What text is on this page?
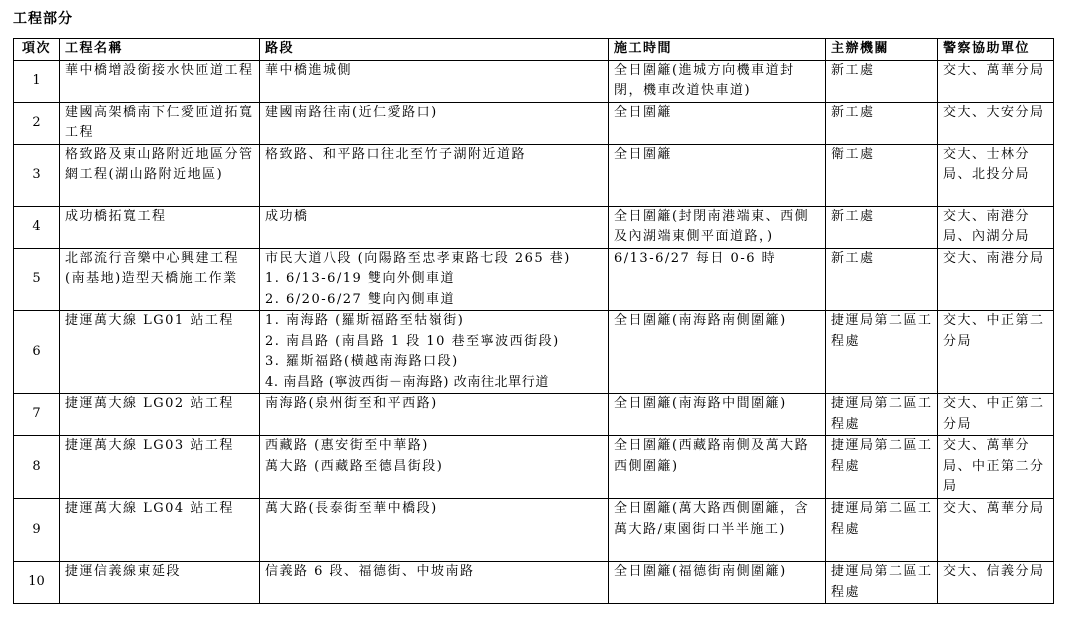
工程部分
項次	工程名稱	路段	施工時間	主辦機關	警察協助單位
1	華中橋增設銜接水快匝道工程	華中橋進城側	全日圍籬(進城方向機車道封閉，機車改道快車道)	新工處	交大、萬華分局
2	建國高架橋南下仁愛匝道拓寬工程	建國南路往南(近仁愛路口)	全日圍籬	新工處	交大、大安分局
3	格致路及東山路附近地區分管網工程(湖山路附近地區)	格致路、和平路口往北至竹子湖附近道路	全日圍籬	衛工處	交大、士林分局、北投分局
4	成功橋拓寬工程	成功橋	全日圍籬(封閉南港端東、西側及內湖端東側平面道路，)	新工處	交大、南港分局、內湖分局
5	北部流行音樂中心興建工程(南基地)造型天橋施工作業	市民大道八段 (向陽路至忠孝東路七段 265 巷)
1. 6/13-6/19 雙向外側車道
2. 6/20-6/27 雙向內側車道	6/13-6/27 每日 0-6 時	新工處	交大、南港分局
6	捷運萬大線 LG01 站工程	1. 南海路 (羅斯福路至牯嶺街)
2. 南昌路 (南昌路 1 段 10 巷至寧波西街段)
3. 羅斯福路(橫越南海路口段)
4. 南昌路 (寧波西街－南海路) 改南往北單行道	全日圍籬(南海路南側圍籬)	捷運局第二區工程處	交大、中正第二分局
7	捷運萬大線 LG02 站工程	南海路(泉州街至和平西路)	全日圍籬(南海路中間圍籬)	捷運局第二區工程處	交大、中正第二分局
8	捷運萬大線 LG03 站工程	西藏路 (惠安街至中華路)
萬大路 (西藏路至德昌街段)	全日圍籬(西藏路南側及萬大路西側圍籬)	捷運局第二區工程處	交大、萬華分局、中正第二分局
9	捷運萬大線 LG04 站工程	萬大路(長泰街至華中橋段)	全日圍籬(萬大路西側圍籬，含萬大路/東園街口半半施工)	捷運局第二區工程處	交大、萬華分局
10	捷運信義線東延段	信義路 6 段、福德街、中坡南路	全日圍籬(福德街南側圍籬)	捷運局第二區工程處	交大、信義分局
